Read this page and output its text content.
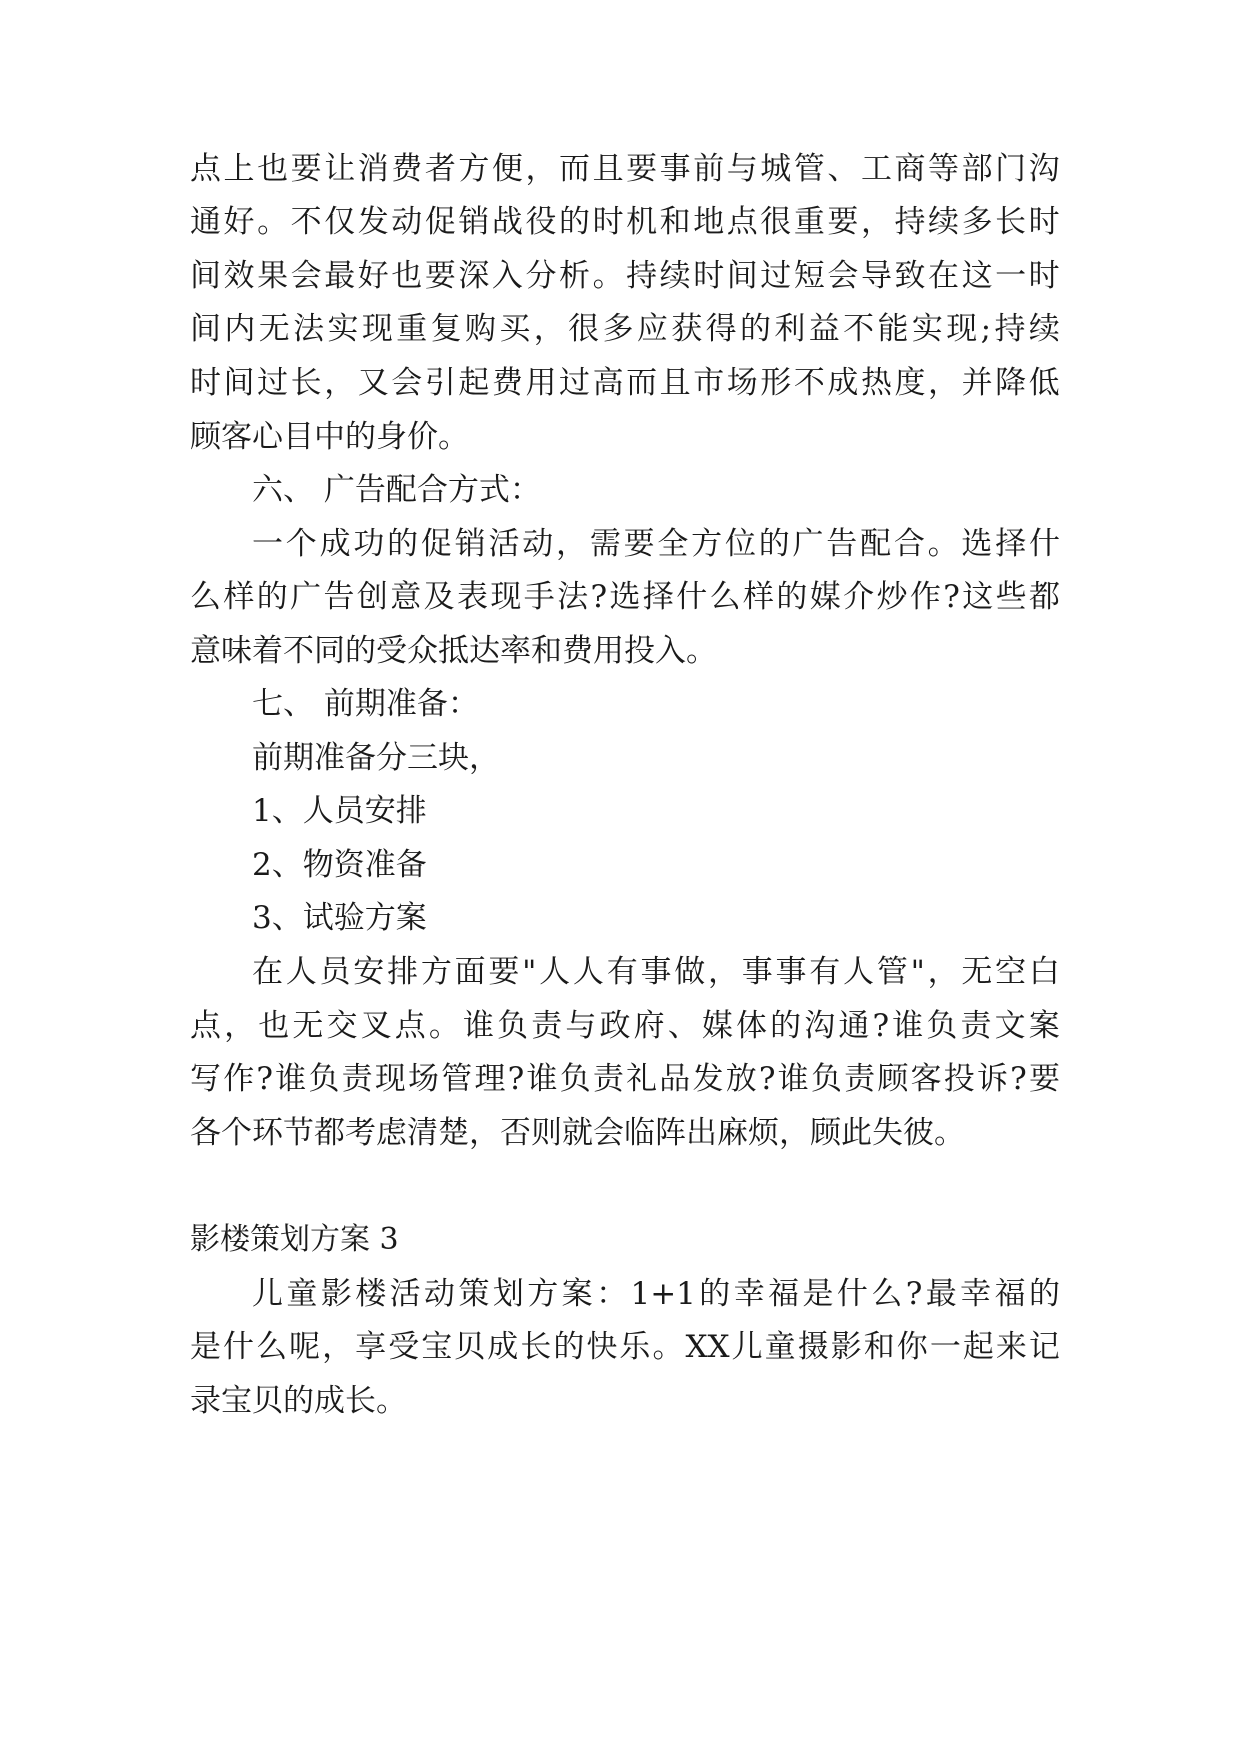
点 上 也 要 让 消 费 者 方 便 ， 而 且 要 事 前 与 城 管 、 工 商 等 部 门 沟
通 好 。 不 仅 发 动 促 销 战 役 的 时 机 和 地 点 很 重 要 ， 持 续 多 长 时
间 效 果 会 最 好 也 要 深 入 分 析 。 持 续 时 间 过 短 会 导 致 在 这 一 时
间 内 无 法 实 现 重 复 购 买 ， 很 多 应 获 得 的 利 益 不 能 实 现 ; 持 续
时 间 过 长 ， 又 会 引 起 费 用 过 高 而 且 市 场 形 不 成 热 度 ， 并 降 低
顾客心目中的身价。
六、 广告配合方式：
一 个 成 功 的 促 销 活 动 ， 需 要 全 方 位 的 广 告 配 合 。 选 择 什
么 样 的 广 告 创 意 及 表 现 手 法 ? 选 择 什 么 样 的 媒 介 炒 作 ? 这 些 都
意味着不同的受众抵达率和费用投入。
七、 前期准备：
前期准备分三块，
1、人员安排
2、物资准备
3、试验方案
在 人 员 安 排 方 面 要 " 人 人 有 事 做 ， 事 事 有 人 管 " ， 无 空 白
点 ， 也 无 交 叉 点 。 谁 负 责 与 政 府 、 媒 体 的 沟 通 ? 谁 负 责 文 案
写 作 ? 谁 负 责 现 场 管 理 ? 谁 负 责 礼 品 发 放 ? 谁 负 责 顾 客 投 诉 ? 要
各个环节都考虑清楚，否则就会临阵出麻烦，顾此失彼。
影楼策划方案 3
儿 童 影 楼 活 动 策 划 方 案 ： 1+1 的 幸 福 是 什 么 ? 最 幸 福 的
是 什 么 呢 ， 享 受 宝 贝 成 长 的 快 乐 。 XX 儿 童 摄 影 和 你 一 起 来 记
录宝贝的成长。
